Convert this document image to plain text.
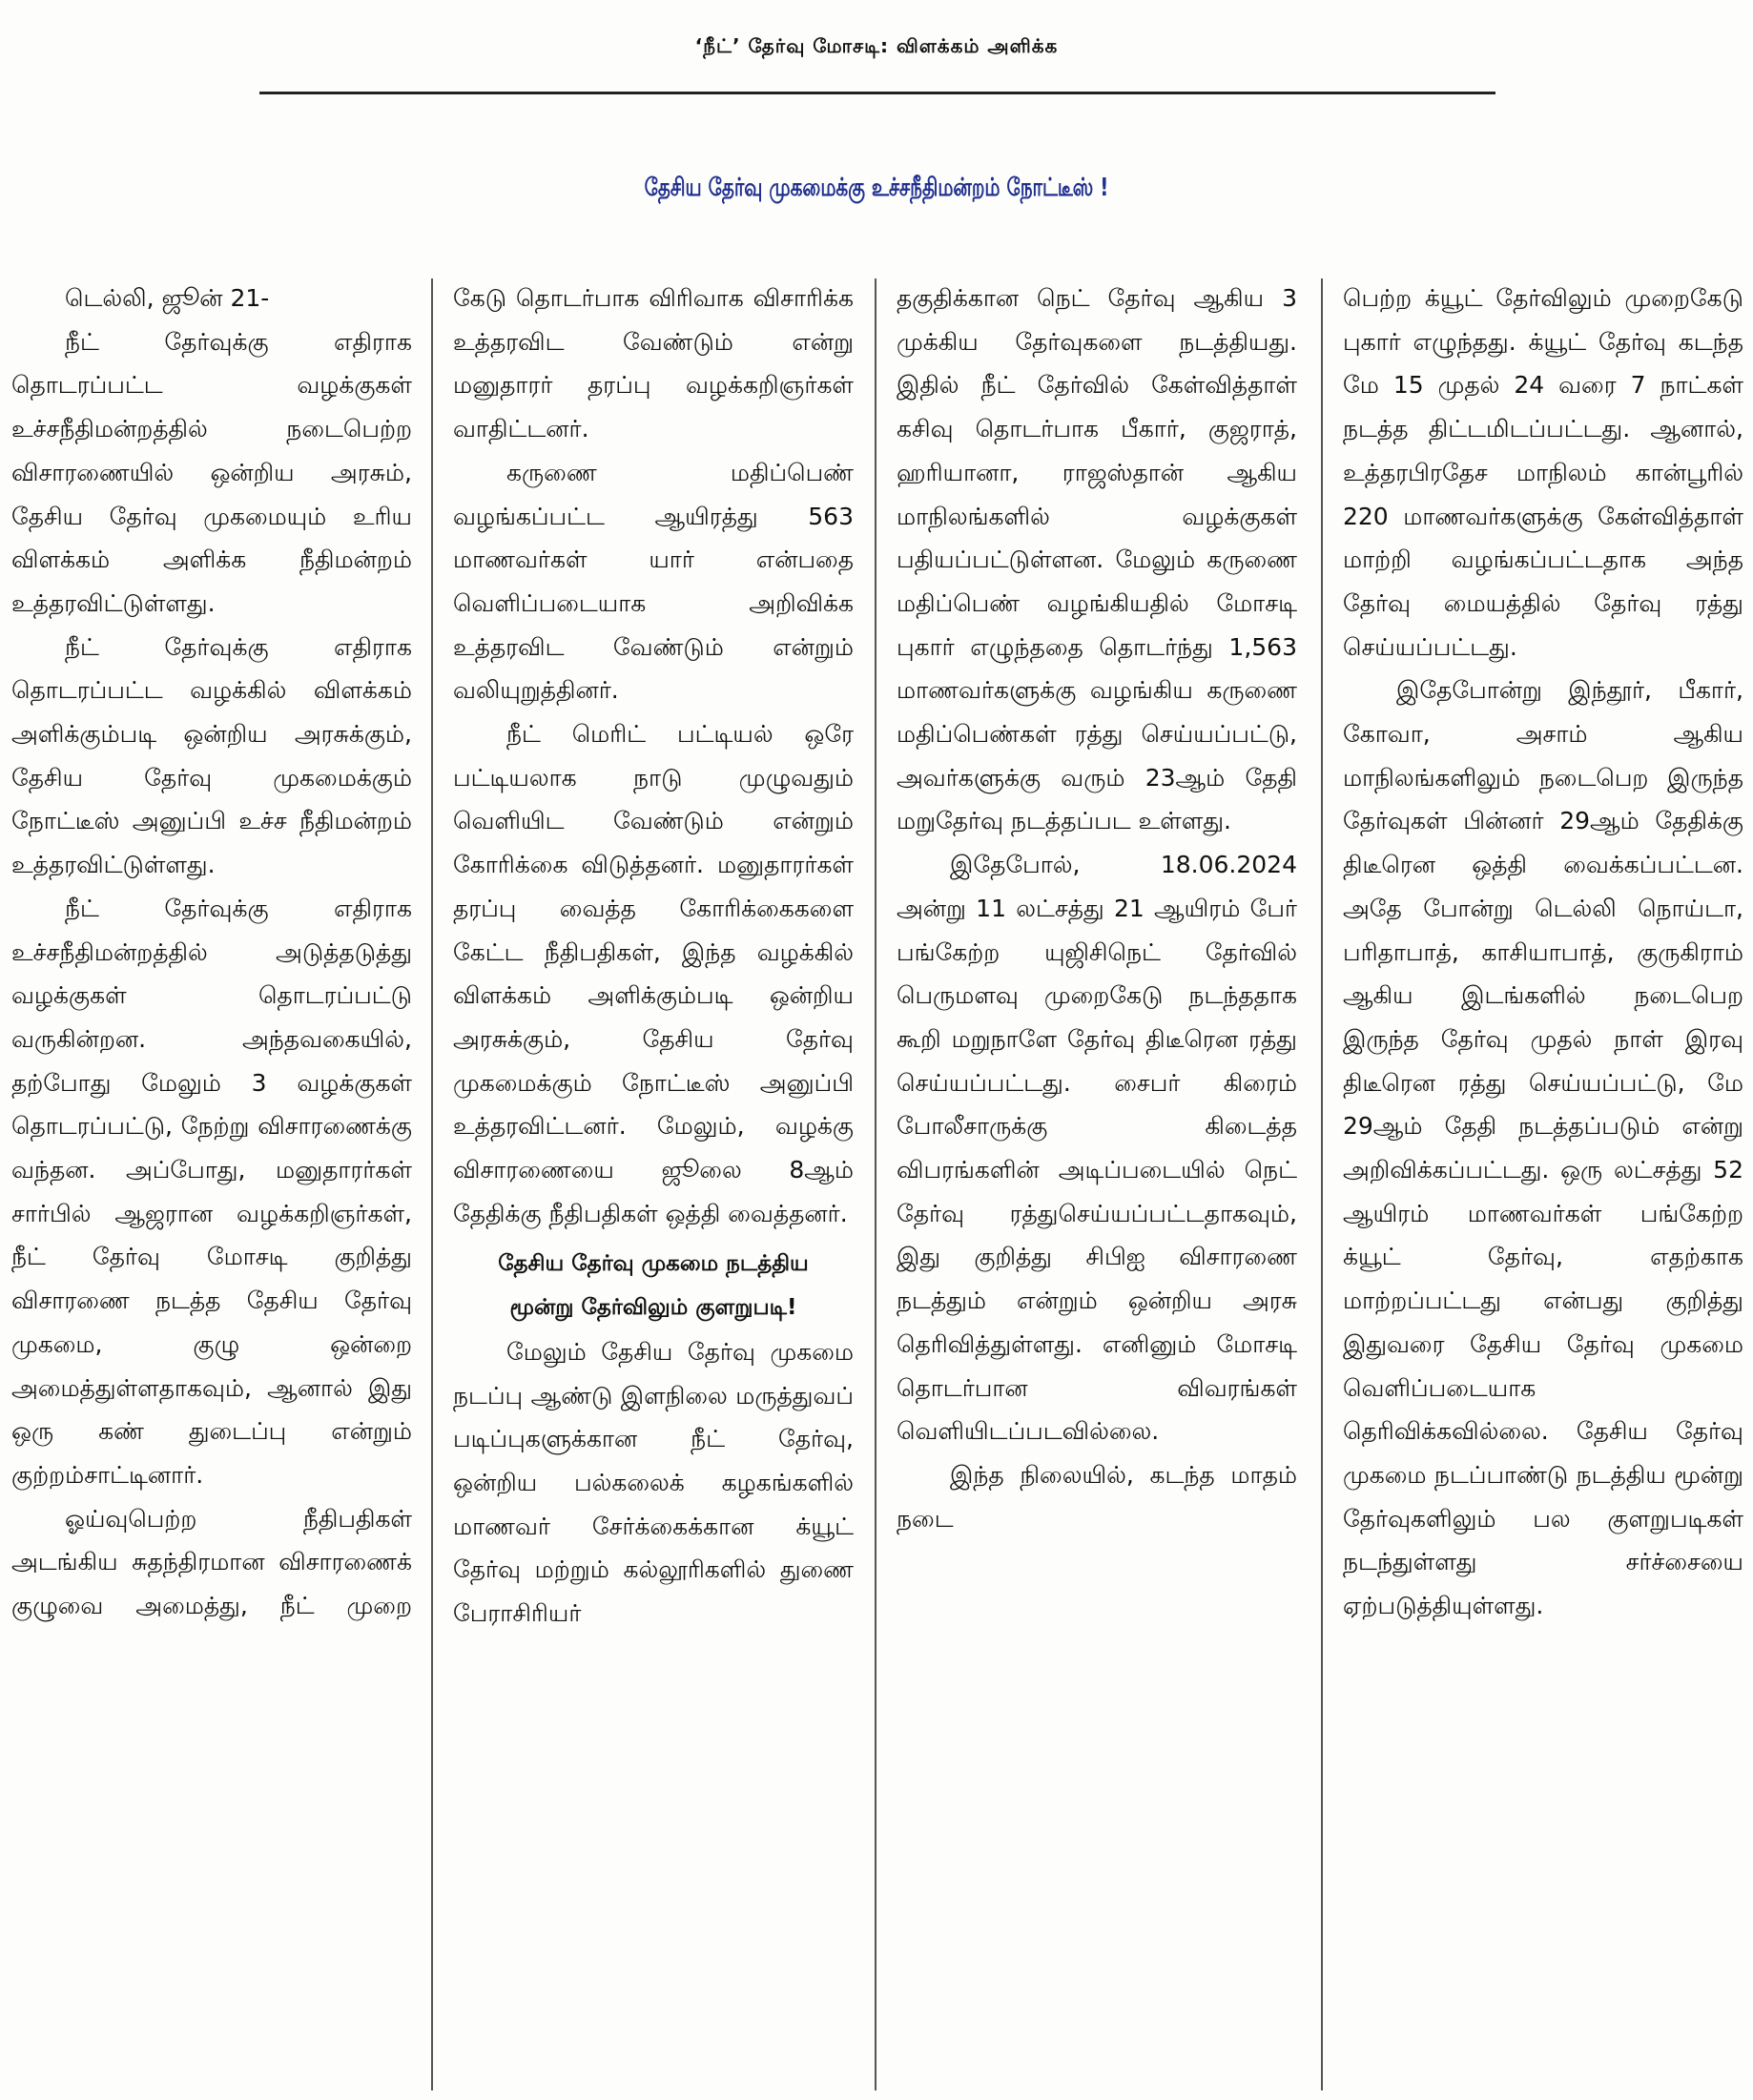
‘நீட்’ தேர்வு மோசடி: விளக்கம் அளிக்க
தேசிய தேர்வு முகமைக்கு உச்சநீதிமன்றம் நோட்டீஸ் !

டெல்லி, ஜூன் 21-

நீட் தேர்வுக்கு எதிராக தொடரப்பட்ட வழக்குகள் உச்சநீதிமன்றத்தில் நடைபெற்ற விசாரணையில் ஒன்றிய அரசும், தேசிய தேர்வு முகமையும் உரிய விளக்கம் அளிக்க நீதிமன்றம் உத்தரவிட்டுள்ளது.

நீட் தேர்வுக்கு எதிராக தொடரப்பட்ட வழக்கில் விளக்கம் அளிக்கும்படி ஒன்றிய அரசுக்கும், தேசிய தேர்வு முகமைக்கும் நோட்டீஸ் அனுப்பி உச்ச நீதிமன்றம் உத்தரவிட்டுள்ளது.

நீட் தேர்வுக்கு எதிராக உச்சநீதிமன்றத்தில் அடுத்தடுத்து வழக்குகள் தொடரப்பட்டு வருகின்றன. அந்தவகையில், தற்போது மேலும் 3 வழக்குகள் தொடரப்பட்டு, நேற்று விசாரணைக்கு வந்தன. அப்போது, மனுதாரர்கள் சார்பில் ஆஜரான வழக்கறிஞர்கள், நீட் தேர்வு மோசடி குறித்து விசாரணை நடத்த தேசிய தேர்வு முகமை, குழு ஒன்றை அமைத்துள்ளதாகவும், ஆனால் இது ஒரு கண் துடைப்பு என்றும் குற்றம்சாட்டினார்.

ஓய்வுபெற்ற நீதிபதிகள் அடங்கிய சுதந்திரமான விசாரணைக் குழுவை அமைத்து, நீட் முறை

கேடு தொடர்பாக விரிவாக விசாரிக்க உத்தரவிட வேண்டும் என்று மனுதாரர் தரப்பு வழக்கறிஞர்கள் வாதிட்டனர்.

கருணை மதிப்பெண் வழங்கப்பட்ட ஆயிரத்து 563 மாணவர்கள் யார் என்பதை வெளிப்படையாக அறிவிக்க உத்தரவிட வேண்டும் என்றும் வலியுறுத்தினர்.

நீட் மெரிட் பட்டியல் ஒரே பட்டியலாக நாடு முழுவதும் வெளியிட வேண்டும் என்றும் கோரிக்கை விடுத்தனர். மனுதாரர்கள் தரப்பு வைத்த கோரிக்கைகளை கேட்ட நீதிபதிகள், இந்த வழக்கில் விளக்கம் அளிக்கும்படி ஒன்றிய அரசுக்கும், தேசிய தேர்வு முகமைக்கும் நோட்டீஸ் அனுப்பி உத்தரவிட்டனர். மேலும், வழக்கு விசாரணையை ஜூலை 8ஆம் தேதிக்கு நீதிபதிகள் ஒத்தி வைத்தனர்.

தேசிய தேர்வு முகமை நடத்திய

மூன்று தேர்விலும் குளறுபடி!

மேலும் தேசிய தேர்வு முகமை நடப்பு ஆண்டு இளநிலை மருத்துவப் படிப்புகளுக்கான நீட் தேர்வு, ஒன்றிய பல்கலைக் கழகங்களில் மாணவர் சேர்க்கைக்கான க்யூட் தேர்வு மற்றும் கல்லூரிகளில் துணை பேராசிரியர்

தகுதிக்கான நெட் தேர்வு ஆகிய 3 முக்கிய தேர்வுகளை நடத்தியது. இதில் நீட் தேர்வில் கேள்வித்தாள் கசிவு தொடர்பாக பீகார், குஜராத், ஹரியானா, ராஜஸ்தான் ஆகிய மாநிலங்களில் வழக்குகள் பதியப்பட்டுள்ளன. மேலும் கருணை மதிப்பெண் வழங்கியதில் மோசடி புகார் எழுந்ததை தொடர்ந்து 1,563 மாணவர்களுக்கு வழங்கிய கருணை மதிப்பெண்கள் ரத்து செய்யப்பட்டு, அவர்களுக்கு வரும் 23ஆம் தேதி மறுதேர்வு நடத்தப்பட உள்ளது.

இதேபோல், 18.06.2024 அன்று 11 லட்சத்து 21 ஆயிரம் பேர் பங்கேற்ற யுஜிசிநெட் தேர்வில் பெருமளவு முறைகேடு நடந்ததாக கூறி மறுநாளே தேர்வு திடீரென ரத்து செய்யப்பட்டது. சைபர் கிரைம் போலீசாருக்கு கிடைத்த விபரங்களின் அடிப்படையில் நெட் தேர்வு ரத்துசெய்யப்பட்டதாகவும், இது குறித்து சிபிஐ விசாரணை நடத்தும் என்றும் ஒன்றிய அரசு தெரிவித்துள்ளது. எனினும் மோசடி தொடர்பான விவரங்கள் வெளியிடப்படவில்லை.

இந்த நிலையில், கடந்த மாதம் நடை

பெற்ற க்யூட் தேர்விலும் முறைகேடு புகார் எழுந்தது. க்யூட் தேர்வு கடந்த மே 15 முதல் 24 வரை 7 நாட்கள் நடத்த திட்டமிடப்பட்டது. ஆனால், உத்தரபிரதேச மாநிலம் கான்பூரில் 220 மாணவர்களுக்கு கேள்வித்தாள் மாற்றி வழங்கப்பட்டதாக அந்த தேர்வு மையத்தில் தேர்வு ரத்து செய்யப்பட்டது.

இதேபோன்று இந்தூர், பீகார், கோவா, அசாம் ஆகிய மாநிலங்களிலும் நடைபெற இருந்த தேர்வுகள் பின்னர் 29ஆம் தேதிக்கு திடீரென ஒத்தி வைக்கப்பட்டன. அதே போன்று டெல்லி நொய்டா, பரிதாபாத், காசியாபாத், குருகிராம் ஆகிய இடங்களில் நடைபெற இருந்த தேர்வு முதல் நாள் இரவு திடீரென ரத்து செய்யப்பட்டு, மே 29ஆம் தேதி நடத்தப்படும் என்று அறிவிக்கப்பட்டது. ஒரு லட்சத்து 52 ஆயிரம் மாணவர்கள் பங்கேற்ற க்யூட் தேர்வு, எதற்காக மாற்றப்பட்டது என்பது குறித்து இதுவரை தேசிய தேர்வு முகமை வெளிப்படையாக தெரிவிக்கவில்லை. தேசிய தேர்வு முகமை நடப்பாண்டு நடத்திய மூன்று தேர்வுகளிலும் பல குளறுபடிகள் நடந்துள்ளது சர்ச்சையை ஏற்படுத்தியுள்ளது.
